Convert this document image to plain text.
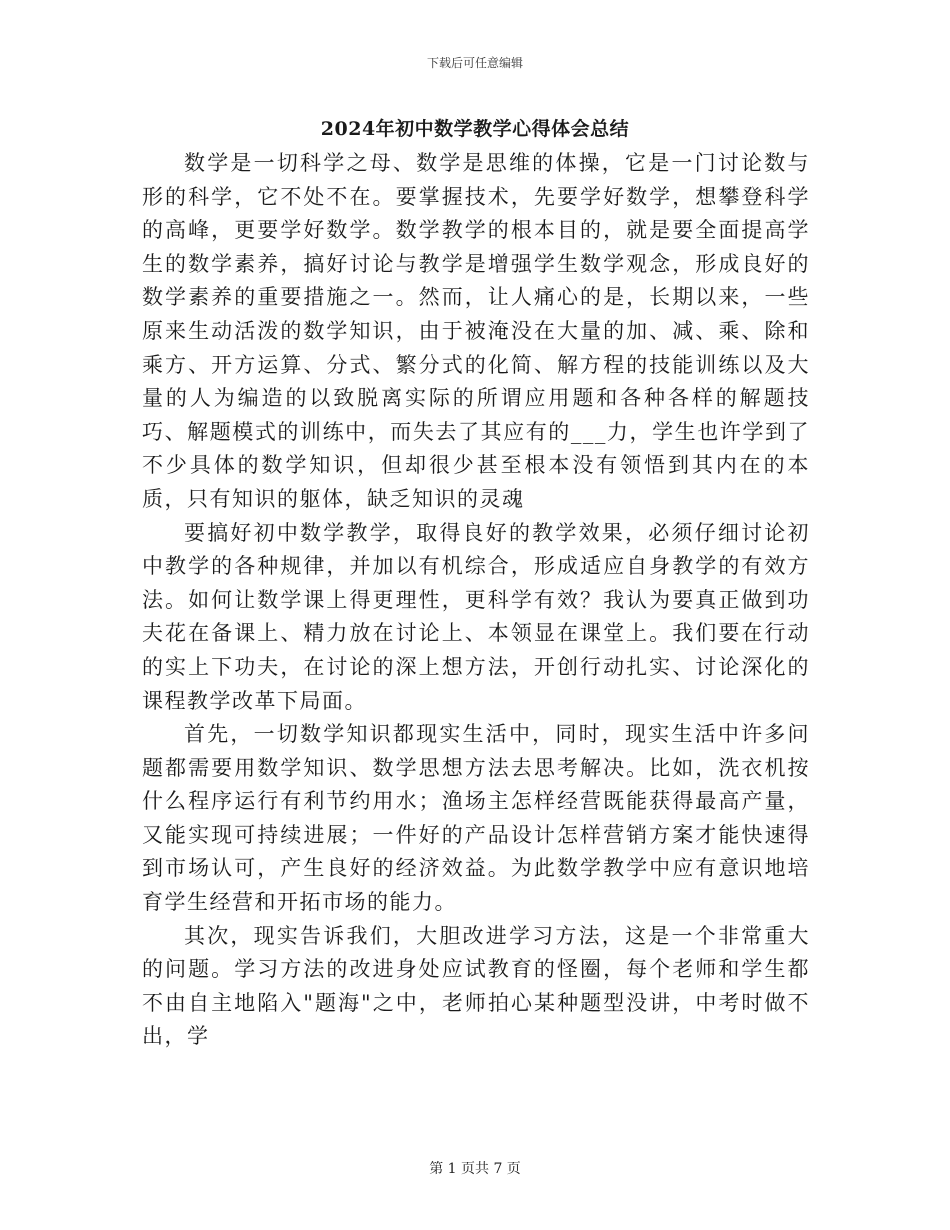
下载后可任意编辑
2024年初中数学教学心得体会总结

数学是一切科学之母、数学是思维的体操，它是一门讨论数与形的科学，它不处不在。要掌握技术，先要学好数学，想攀登科学的高峰，更要学好数学。数学教学的根本目的，就是要全面提高学生的数学素养，搞好讨论与教学是增强学生数学观念，形成良好的数学素养的重要措施之一。然而，让人痛心的是，长期以来，一些原来生动活泼的数学知识，由于被淹没在大量的加、减、乘、除和乘方、开方运算、分式、繁分式的化简、解方程的技能训练以及大量的人为编造的以致脱离实际的所谓应用题和各种各样的解题技巧、解题模式的训练中，而失去了其应有的___力，学生也许学到了不少具体的数学知识，但却很少甚至根本没有领悟到其内在的本质，只有知识的躯体，缺乏知识的灵魂

要搞好初中数学教学，取得良好的教学效果，必须仔细讨论初中教学的各种规律，并加以有机综合，形成适应自身教学的有效方法。如何让数学课上得更理性，更科学有效？我认为要真正做到功夫花在备课上、精力放在讨论上、本领显在课堂上。我们要在行动的实上下功夫，在讨论的深上想方法，开创行动扎实、讨论深化的课程教学改革下局面。

首先，一切数学知识都现实生活中，同时，现实生活中许多问题都需要用数学知识、数学思想方法去思考解决。比如，洗衣机按什么程序运行有利节约用水；渔场主怎样经营既能获得最高产量，又能实现可持续进展；一件好的产品设计怎样营销方案才能快速得到市场认可，产生良好的经济效益。为此数学教学中应有意识地培育学生经营和开拓市场的能力。

其次，现实告诉我们，大胆改进学习方法，这是一个非常重大的问题。学习方法的改进身处应试教育的怪圈，每个老师和学生都不由自主地陷入"题海"之中，老师拍心某种题型没讲，中考时做不出，学

第 1 页共 7 页
